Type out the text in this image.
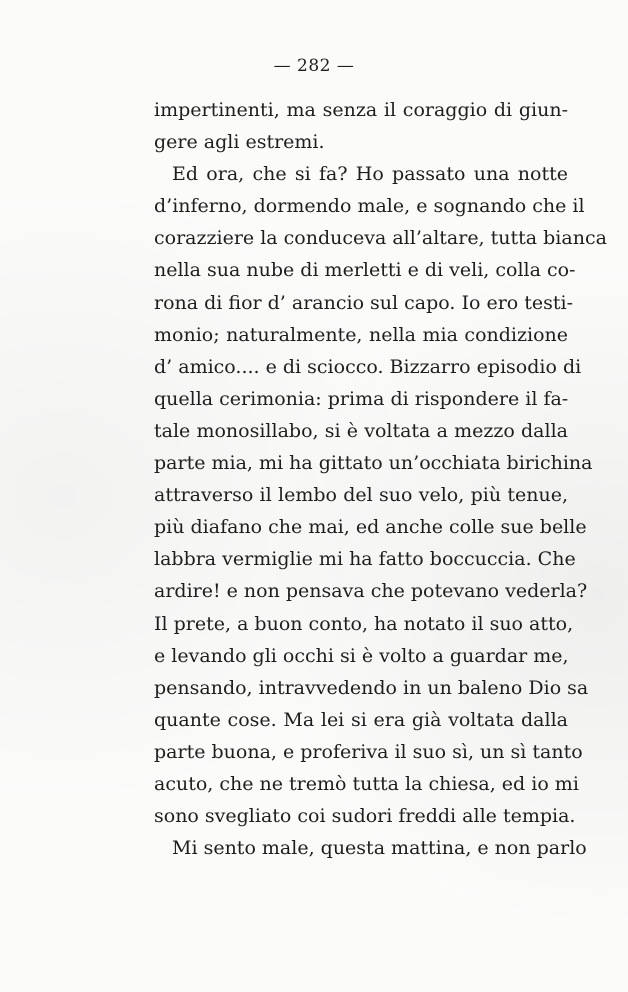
— 282 —
impertinenti, ma senza il coraggio di giun-
gere agli estremi.
Ed ora, che si fa? Ho passato una notte
d’inferno, dormendo male, e sognando che il
corazziere la conduceva all’altare, tutta bianca
nella sua nube di merletti e di veli, colla co-
rona di fior d’ arancio sul capo. Io ero testi-
monio; naturalmente, nella mia condizione
d’ amico.... e di sciocco. Bizzarro episodio di
quella cerimonia: prima di rispondere il fa-
tale monosillabo, si è voltata a mezzo dalla
parte mia, mi ha gittato un’occhiata birichina
attraverso il lembo del suo velo, più tenue,
più diafano che mai, ed anche colle sue belle
labbra vermiglie mi ha fatto boccuccia. Che
ardire! e non pensava che potevano vederla?
Il prete, a buon conto, ha notato il suo atto,
e levando gli occhi si è volto a guardar me,
pensando, intravvedendo in un baleno Dio sa
quante cose. Ma lei si era già voltata dalla
parte buona, e proferiva il suo sì, un sì tanto
acuto, che ne tremò tutta la chiesa, ed io mi
sono svegliato coi sudori freddi alle tempia.
Mi sento male, questa mattina, e non parlo
